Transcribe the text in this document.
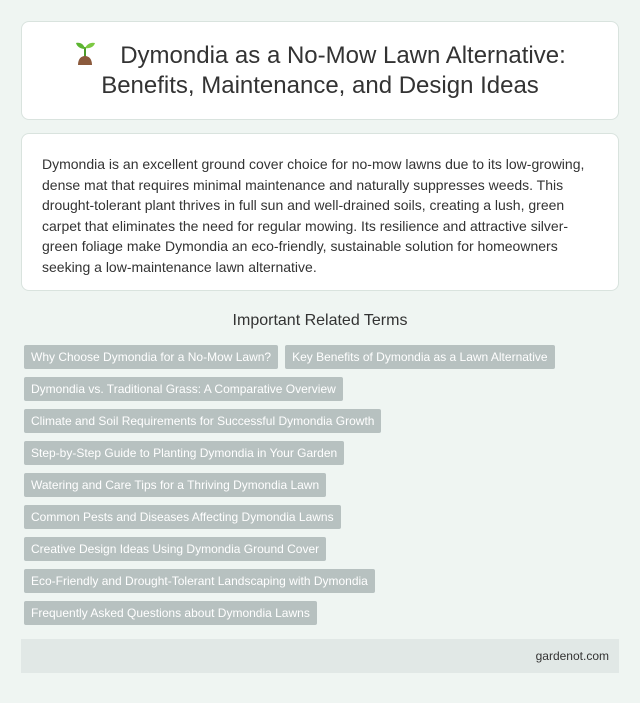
Dymondia as a No-Mow Lawn Alternative: Benefits, Maintenance, and Design Ideas

Dymondia is an excellent ground cover choice for no-mow lawns due to its low-growing, dense mat that requires minimal maintenance and naturally suppresses weeds. This drought-tolerant plant thrives in full sun and well-drained soils, creating a lush, green carpet that eliminates the need for regular mowing. Its resilience and attractive silver-green foliage make Dymondia an eco-friendly, sustainable solution for homeowners seeking a low-maintenance lawn alternative.

Important Related Terms
Why Choose Dymondia for a No-Mow Lawn?	Key Benefits of Dymondia as a Lawn Alternative
Dymondia vs. Traditional Grass: A Comparative Overview
Climate and Soil Requirements for Successful Dymondia Growth
Step-by-Step Guide to Planting Dymondia in Your Garden
Watering and Care Tips for a Thriving Dymondia Lawn
Common Pests and Diseases Affecting Dymondia Lawns
Creative Design Ideas Using Dymondia Ground Cover
Eco-Friendly and Drought-Tolerant Landscaping with Dymondia
Frequently Asked Questions about Dymondia Lawns
gardenot.com
